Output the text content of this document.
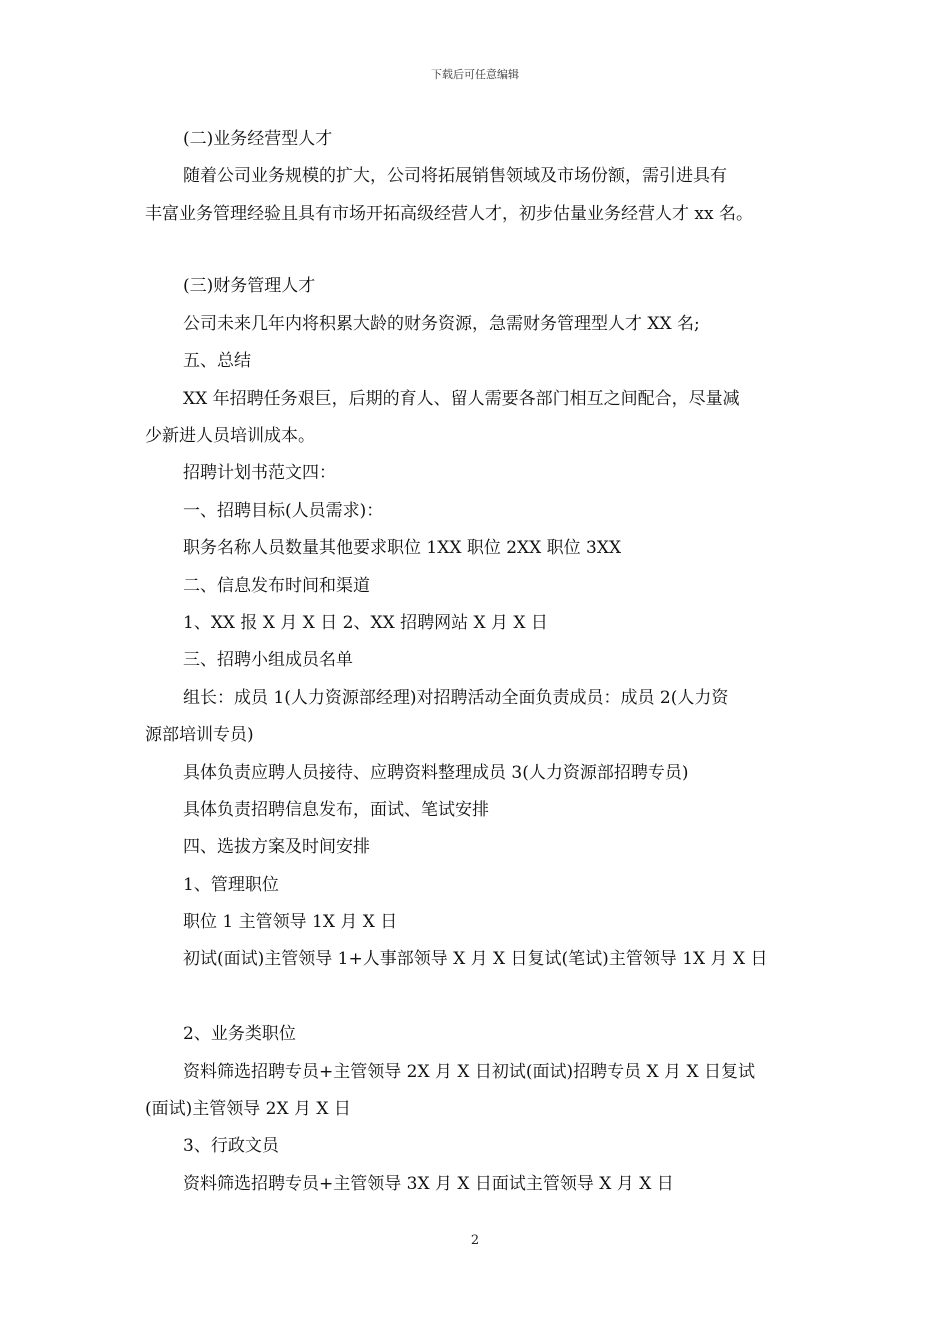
下载后可任意编辑
(二)业务经营型人才
随着公司业务规模的扩大，公司将拓展销售领域及市场份额，需引进具有
丰富业务管理经验且具有市场开拓高级经营人才，初步估量业务经营人才 xx 名。
(三)财务管理人才
公司未来几年内将积累大龄的财务资源，急需财务管理型人才 XX 名;
五、总结
XX 年招聘任务艰巨，后期的育人、留人需要各部门相互之间配合，尽量减
少新进人员培训成本。
招聘计划书范文四：
一、招聘目标(人员需求)：
职务名称人员数量其他要求职位 1XX 职位 2XX 职位 3XX
二、信息发布时间和渠道
1、XX 报 X 月 X 日 2、XX 招聘网站 X 月 X 日
三、招聘小组成员名单
组长：成员 1(人力资源部经理)对招聘活动全面负责成员：成员 2(人力资
源部培训专员)
具体负责应聘人员接待、应聘资料整理成员 3(人力资源部招聘专员)
具体负责招聘信息发布，面试、笔试安排
四、选拔方案及时间安排
1、管理职位
职位 1 主管领导 1X 月 X 日
初试(面试)主管领导 1+人事部领导 X 月 X 日复试(笔试)主管领导 1X 月 X 日
2、业务类职位
资料筛选招聘专员+主管领导 2X 月 X 日初试(面试)招聘专员 X 月 X 日复试
(面试)主管领导 2X 月 X 日
3、行政文员
资料筛选招聘专员+主管领导 3X 月 X 日面试主管领导 X 月 X 日
2
